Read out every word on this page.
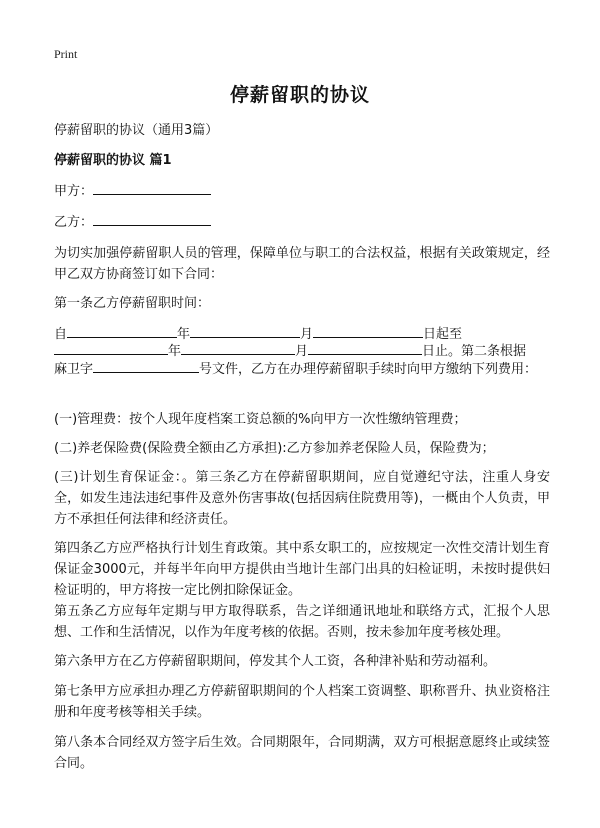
Print
停薪留职的协议
停薪留职的协议（通用3篇）
停薪留职的协议 篇1
甲方：
乙方：
为切实加强停薪留职人员的管理，保障单位与职工的合法权益，根据有关政策规定，经甲乙双方协商签订如下合同：
第一条乙方停薪留职时间：
自	年	月	日起至
年	月	日止。第二条根据
麻卫字	号文件，乙方在办理停薪留职手续时向甲方缴纳下列费用：
(一)管理费：按个人现年度档案工资总额的%向甲方一次性缴纳管理费；
(二)养老保险费(保险费全额由乙方承担):乙方参加养老保险人员，保险费为；
(三)计划生育保证金：。第三条乙方在停薪留职期间，应自觉遵纪守法，注重人身安全，如发生违法违纪事件及意外伤害事故(包括因病住院费用等)，一概由个人负责，甲方不承担任何法律和经济责任。
第四条乙方应严格执行计划生育政策。其中系女职工的，应按规定一次性交清计划生育保证金3000元，并每半年向甲方提供由当地计生部门出具的妇检证明，未按时提供妇检证明的，甲方将按一定比例扣除保证金。
第五条乙方应每年定期与甲方取得联系，告之详细通讯地址和联络方式，汇报个人思想、工作和生活情况，以作为年度考核的依据。否则，按未参加年度考核处理。
第六条甲方在乙方停薪留职期间，停发其个人工资，各种津补贴和劳动福利。
第七条甲方应承担办理乙方停薪留职期间的个人档案工资调整、职称晋升、执业资格注册和年度考核等相关手续。
第八条本合同经双方签字后生效。合同期限年，合同期满，双方可根据意愿终止或续签合同。
